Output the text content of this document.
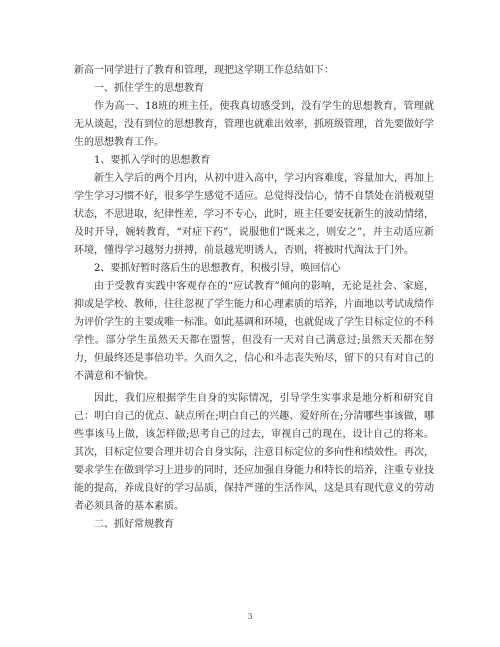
新高一同学进行了教育和管理，现把这学期工作总结如下：

一、抓住学生的思想教育

作为高一、18班的班主任，使我真切感受到，没有学生的思想教育，管理就无从谈起，没有到位的思想教育，管理也就难出效率，抓班级管理，首先要做好学生的思想教育工作。

1、要抓入学时的思想教育

新生入学后的两个月内，从初中进入高中，学习内容难度，容量加大，再加上学生学习习惯不好，很多学生感觉不适应。总觉得没信心，情不自禁处在消极观望状态，不思进取，纪律性差，学习不专心，此时，班主任要安抚新生的波动情绪，及时开导，婉转教育，“对症下药”，说服他们“既来之，则安之”，并主动适应新环境，懂得学习越努力拼搏，前景越光明诱人，否则，将被时代淘汰于门外。

2、要抓好暂时落后生的思想教育，积极引导，唤回信心

由于受教育实践中客观存在的“应试教育”倾向的影响，无论是社会、家庭，抑或是学校、教师，往往忽视了学生能力和心理素质的培养，片面地以考试成绩作为评价学生的主要或唯一标准。如此基调和环境，也就促成了学生目标定位的不科学性。部分学生虽然天天都在盟誓，但没有一天对自己满意过;虽然天天都在努力，但最终还是事倍功半。久而久之，信心和斗志丧失殆尽，留下的只有对自己的不满意和不愉快。

因此，我们应根据学生自身的实际情况，引导学生实事求是地分析和研究自己：明白自己的优点、缺点所在;明白自己的兴趣、爱好所在;分清哪些事该做，哪些事该马上做，该怎样做;思考自己的过去，审视自己的现在，设计自己的将来。其次，目标定位要合理并切合自身实际，注意目标定位的多向性和绩效性。再次，要求学生在做到学习上进步的同时，还应加强自身能力和特长的培养，注重专业技能的提高，养成良好的学习品质，保持严谨的生活作风，这是具有现代意义的劳动者必须具备的基本素质。

二、抓好常规教育

3
